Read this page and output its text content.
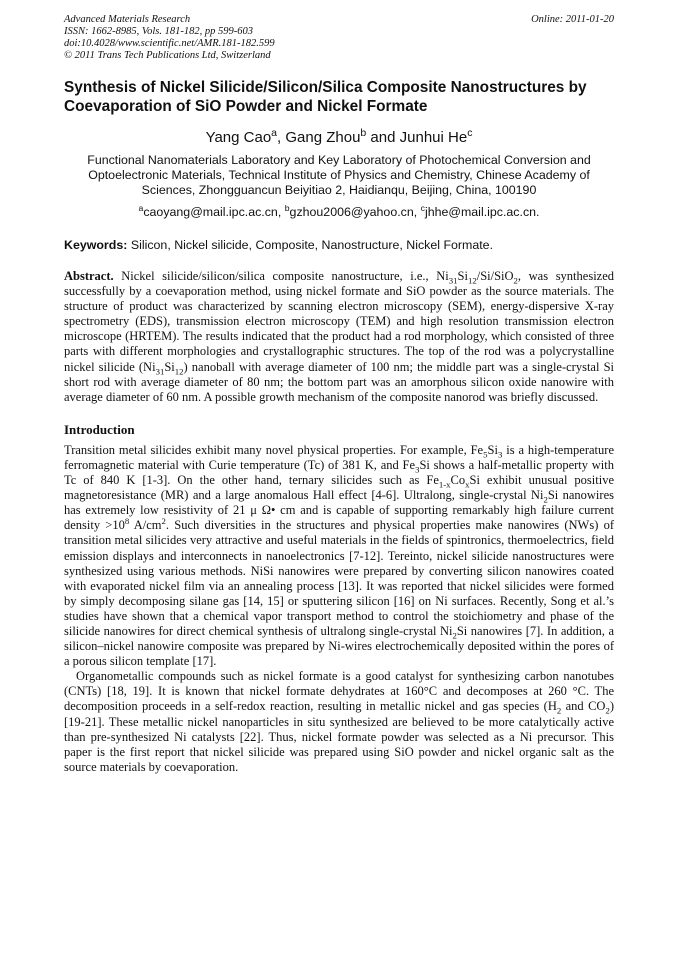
Advanced Materials Research
ISSN: 1662-8985, Vols. 181-182, pp 599-603
doi:10.4028/www.scientific.net/AMR.181-182.599
© 2011 Trans Tech Publications Ltd, Switzerland
Online: 2011-01-20
Synthesis of Nickel Silicide/Silicon/Silica Composite Nanostructures by Coevaporation of SiO Powder and Nickel Formate
Yang Cao$^a$, Gang Zhou$^b$ and Junhui He$^c$
Functional Nanomaterials Laboratory and Key Laboratory of Photochemical Conversion and Optoelectronic Materials, Technical Institute of Physics and Chemistry, Chinese Academy of Sciences, Zhongguancun Beiyitiao 2, Haidianqu, Beijing, China, 100190
$^a$caoyang@mail.ipc.ac.cn, $^b$gzhou2006@yahoo.cn, $^c$jhhe@mail.ipc.ac.cn.
Keywords: Silicon, Nickel silicide, Composite, Nanostructure, Nickel Formate.
Abstract. Nickel silicide/silicon/silica composite nanostructure, i.e., $Ni_{31}Si_{12}/Si/SiO_2$, was synthesized successfully by a coevaporation method, using nickel formate and SiO powder as the source materials. The structure of product was characterized by scanning electron microscopy (SEM), energy-dispersive X-ray spectrometry (EDS), transmission electron microscopy (TEM) and high resolution transmission electron microscope (HRTEM). The results indicated that the product had a rod morphology, which consisted of three parts with different morphologies and crystallographic structures. The top of the rod was a polycrystalline nickel silicide $(Ni_{31}Si_{12})$ nanoball with average diameter of 100 nm; the middle part was a single-crystal Si short rod with average diameter of 80 nm; the bottom part was an amorphous silicon oxide nanowire with average diameter of 60 nm. A possible growth mechanism of the composite nanorod was briefly discussed.
Introduction
Transition metal silicides exhibit many novel physical properties. For example, $Fe_5Si_3$ is a high-temperature ferromagnetic material with Curie temperature (Tc) of 381 K, and $Fe_3Si$ shows a half-metallic property with Tc of 840 K [1-3]. On the other hand, ternary silicides such as $Fe_{1-x}Co_xSi$ exhibit unusual positive magnetoresistance (MR) and a large anomalous Hall effect [4-6]. Ultralong, single-crystal $Ni_2Si$ nanowires has extremely low resistivity of 21 μ Ω• cm and is capable of supporting remarkably high failure current density $>10^8$ $A/cm^2$. Such diversities in the structures and physical properties make nanowires (NWs) of transition metal silicides very attractive and useful materials in the fields of spintronics, thermoelectrics, field emission displays and interconnects in nanoelectronics [7-12]. Tereinto, nickel silicide nanostructures were synthesized using various methods. NiSi nanowires were prepared by converting silicon nanowires coated with evaporated nickel film via an annealing process [13]. It was reported that nickel silicides were formed by simply decomposing silane gas [14, 15] or sputtering silicon [16] on Ni surfaces. Recently, Song et al.’s studies have shown that a chemical vapor transport method to control the stoichiometry and phase of the silicide nanowires for direct chemical synthesis of ultralong single-crystal $Ni_2Si$ nanowires [7]. In addition, a silicon–nickel nanowire composite was prepared by Ni-wires electrochemically deposited within the pores of a porous silicon template [17].
Organometallic compounds such as nickel formate is a good catalyst for synthesizing carbon nanotubes (CNTs) [18, 19]. It is known that nickel formate dehydrates at 160°C and decomposes at 260 °C. The decomposition proceeds in a self-redox reaction, resulting in metallic nickel and gas species ($H_2$ and $CO_2$) [19-21]. These metallic nickel nanoparticles in situ synthesized are believed to be more catalytically active than pre-synthesized Ni catalysts [22]. Thus, nickel formate powder was selected as a Ni precursor. This paper is the first report that nickel silicide was prepared using SiO powder and nickel organic salt as the source materials by coevaporation.
